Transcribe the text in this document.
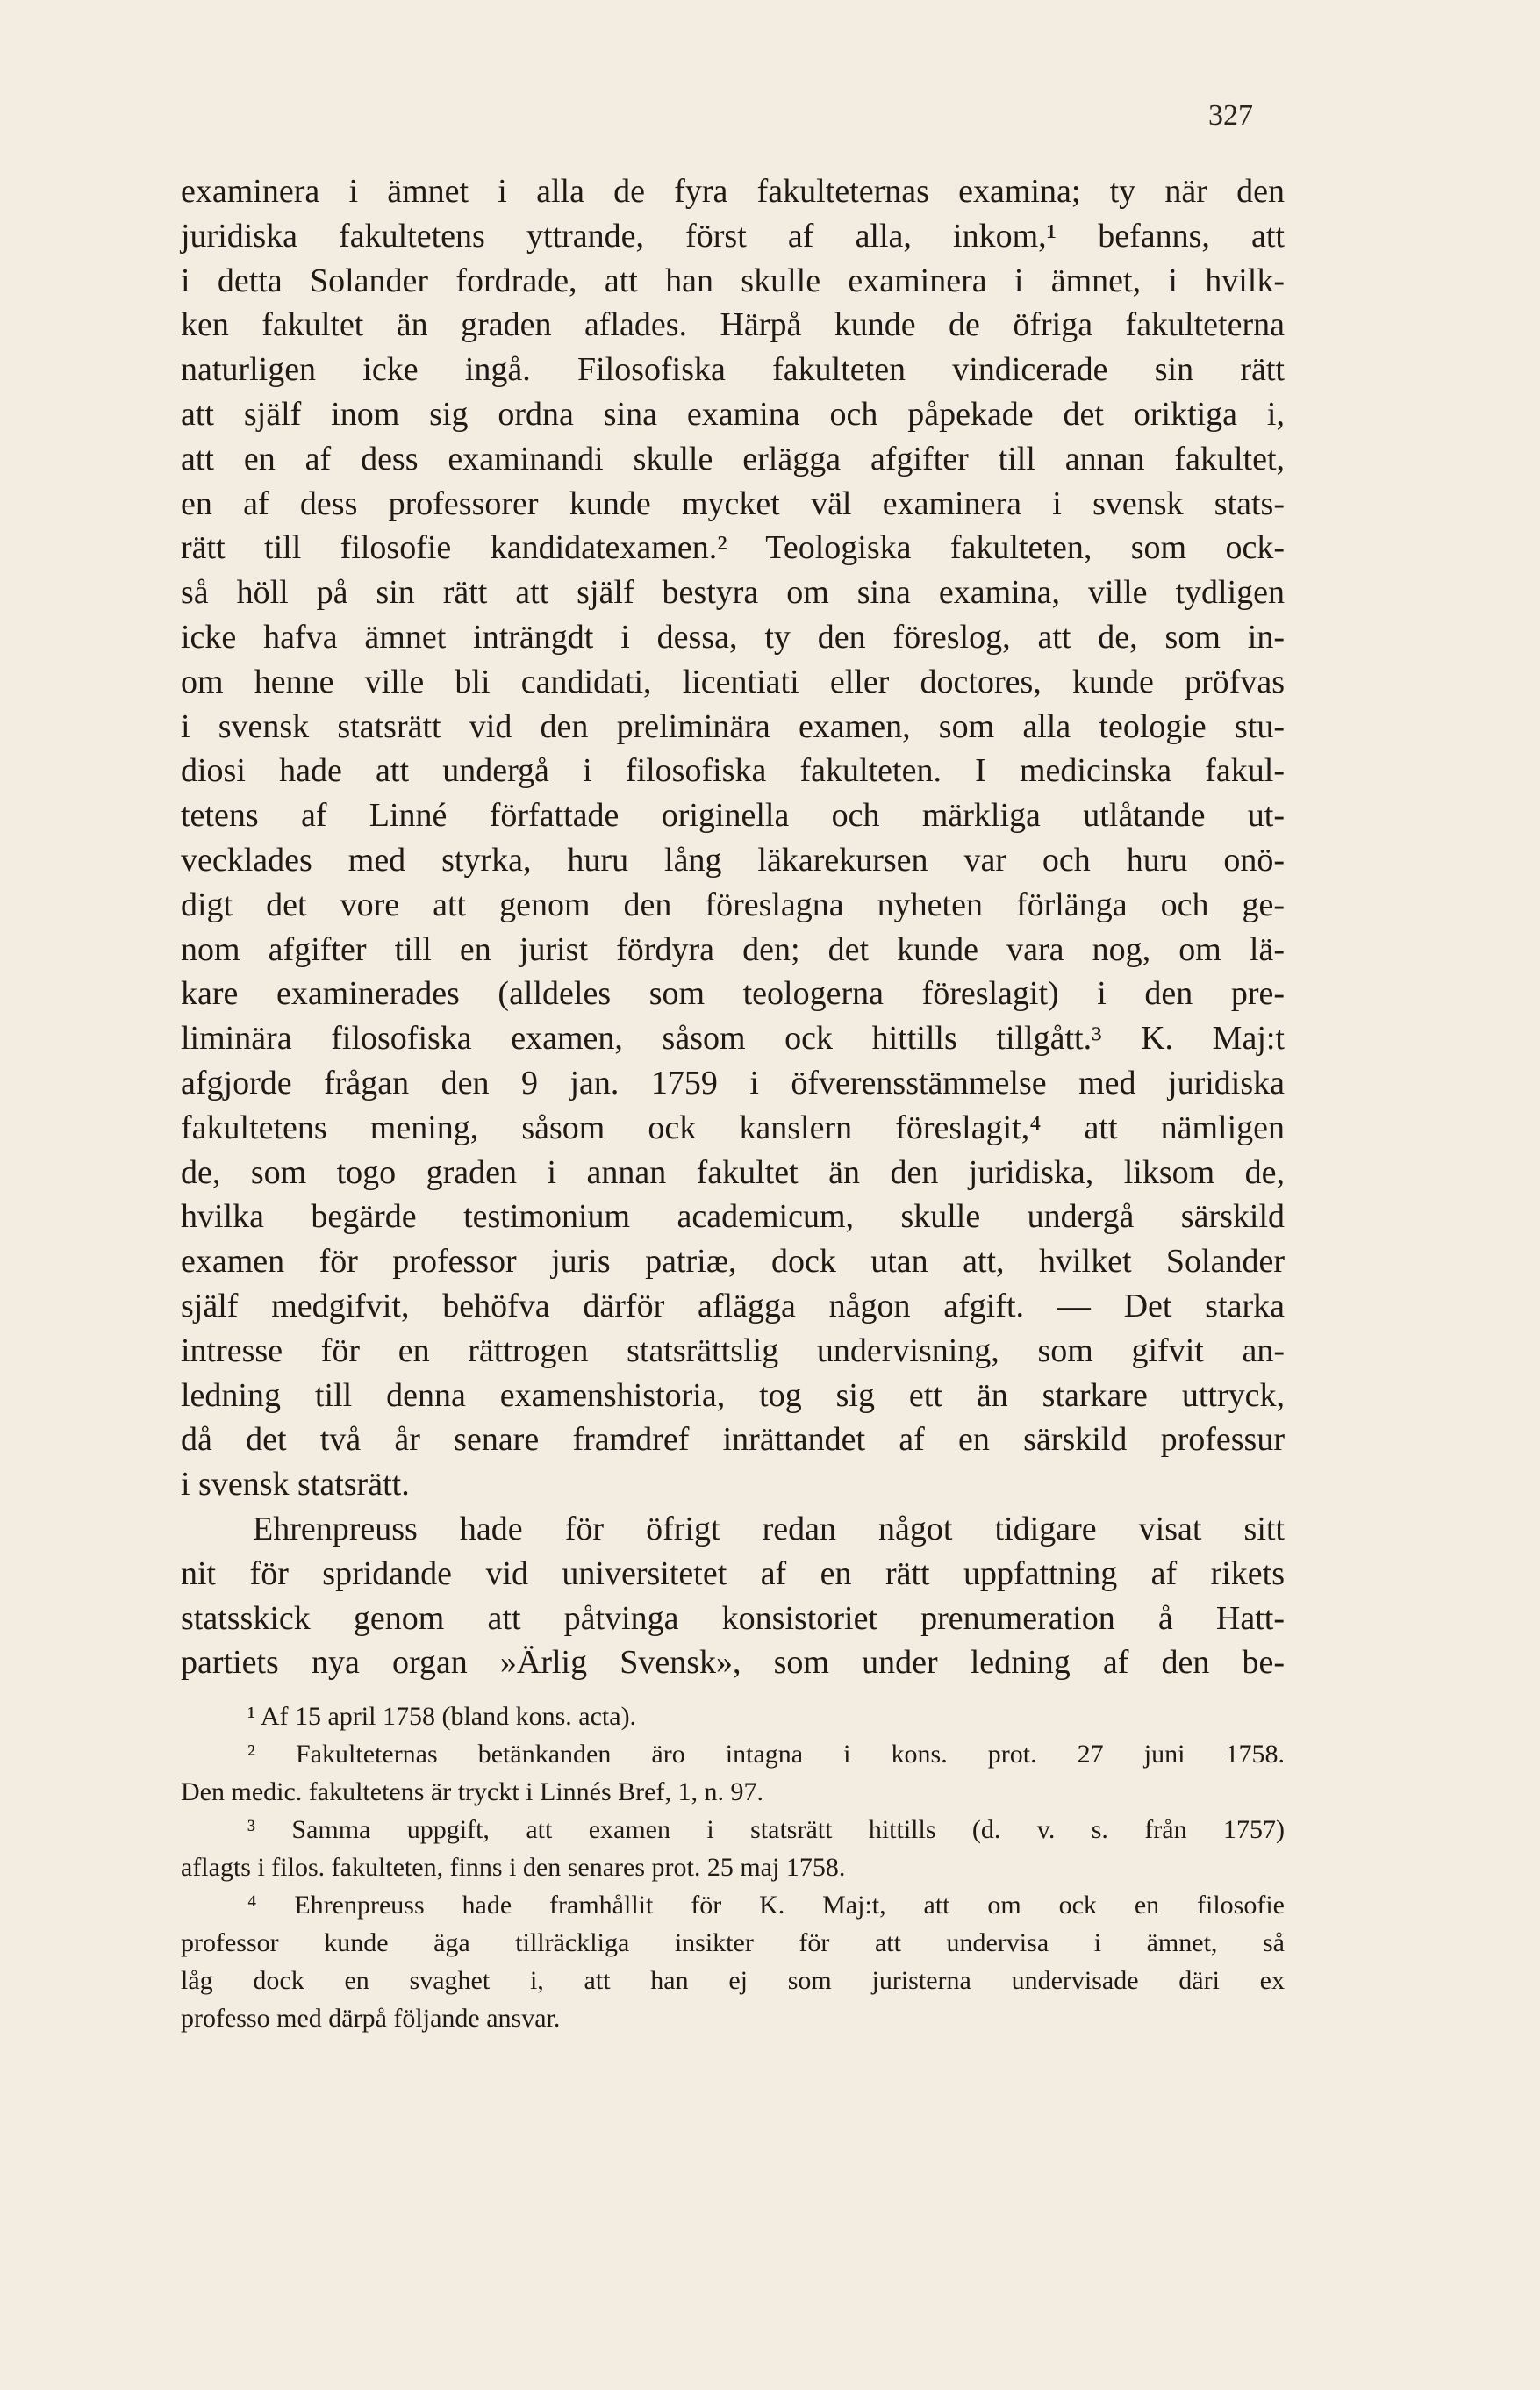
327
examinera i ämnet i alla de fyra fakulteternas examina; ty när den
juridiska fakultetens yttrande, först af alla, inkom,¹ befanns, att
i detta Solander fordrade, att han skulle examinera i ämnet, i hvilk-
ken fakultet än graden aflades. Härpå kunde de öfriga fakulteterna
naturligen icke ingå. Filosofiska fakulteten vindicerade sin rätt
att själf inom sig ordna sina examina och påpekade det oriktiga i,
att en af dess examinandi skulle erlägga afgifter till annan fakultet,
en af dess professorer kunde mycket väl examinera i svensk stats-
rätt till filosofie kandidatexamen.² Teologiska fakulteten, som ock-
så höll på sin rätt att själf bestyra om sina examina, ville tydligen
icke hafva ämnet inträngdt i dessa, ty den föreslog, att de, som in-
om henne ville bli candidati, licentiati eller doctores, kunde pröfvas
i svensk statsrätt vid den preliminära examen, som alla teologie stu-
diosi hade att undergå i filosofiska fakulteten. I medicinska fakul-
tetens af Linné författade originella och märkliga utlåtande ut-
vecklades med styrka, huru lång läkarekursen var och huru onö-
digt det vore att genom den föreslagna nyheten förlänga och ge-
nom afgifter till en jurist fördyra den; det kunde vara nog, om lä-
kare examinerades (alldeles som teologerna föreslagit) i den pre-
liminära filosofiska examen, såsom ock hittills tillgått.³ K. Maj:t
afgjorde frågan den 9 jan. 1759 i öfverensstämmelse med juridiska
fakultetens mening, såsom ock kanslern föreslagit,⁴ att nämligen
de, som togo graden i annan fakultet än den juridiska, liksom de,
hvilka begärde testimonium academicum, skulle undergå särskild
examen för professor juris patriæ, dock utan att, hvilket Solander
själf medgifvit, behöfva därför aflägga någon afgift. — Det starka
intresse för en rättrogen statsrättslig undervisning, som gifvit an-
ledning till denna examenshistoria, tog sig ett än starkare uttryck,
då det två år senare framdref inrättandet af en särskild professur
i svensk statsrätt.
Ehrenpreuss hade för öfrigt redan något tidigare visat sitt
nit för spridande vid universitetet af en rätt uppfattning af rikets
statsskick genom att påtvinga konsistoriet prenumeration å Hatt-
partiets nya organ »Ärlig Svensk», som under ledning af den be-
¹ Af 15 april 1758 (bland kons. acta).
² Fakulteternas betänkanden äro intagna i kons. prot. 27 juni 1758.
Den medic. fakultetens är tryckt i Linnés Bref, 1, n. 97.
³ Samma uppgift, att examen i statsrätt hittills (d. v. s. från 1757)
aflagts i filos. fakulteten, finns i den senares prot. 25 maj 1758.
⁴ Ehrenpreuss hade framhållit för K. Maj:t, att om ock en filosofie
professor kunde äga tillräckliga insikter för att undervisa i ämnet, så
låg dock en svaghet i, att han ej som juristerna undervisade däri ex
professo med därpå följande ansvar.
